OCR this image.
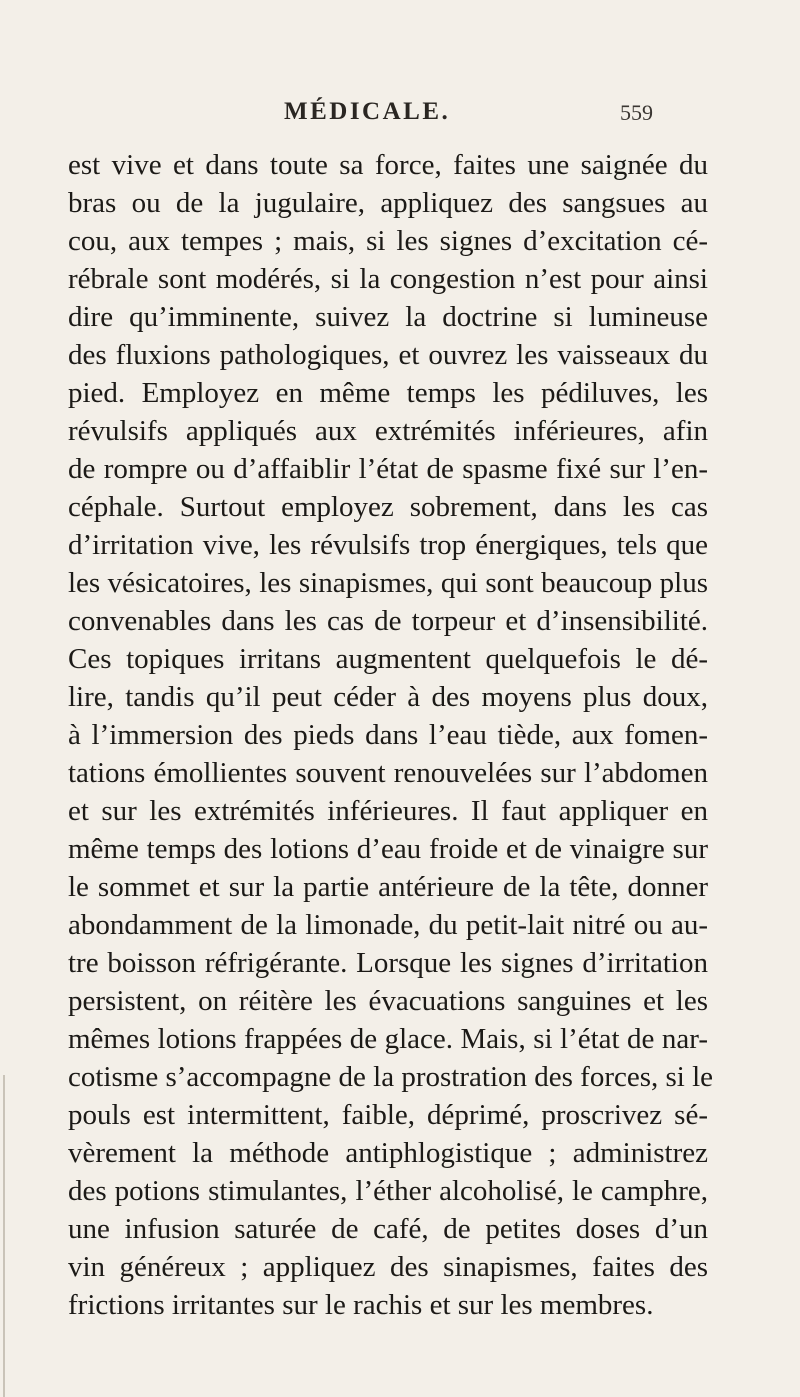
MÉDICALE.	559
est vive et dans toute sa force, faites une saignée du
bras ou de la jugulaire, appliquez des sangsues au
cou, aux tempes ; mais, si les signes d’excitation cé-
rébrale sont modérés, si la congestion n’est pour ainsi
dire qu’imminente, suivez la doctrine si lumineuse
des fluxions pathologiques, et ouvrez les vaisseaux du
pied. Employez en même temps les pédiluves, les
révulsifs appliqués aux extrémités inférieures, afin
de rompre ou d’affaiblir l’état de spasme fixé sur l’en-
céphale. Surtout employez sobrement, dans les cas
d’irritation vive, les révulsifs trop énergiques, tels que
les vésicatoires, les sinapismes, qui sont beaucoup plus
convenables dans les cas de torpeur et d’insensibilité.
Ces topiques irritans augmentent quelquefois le dé-
lire, tandis qu’il peut céder à des moyens plus doux,
à l’immersion des pieds dans l’eau tiède, aux fomen-
tations émollientes souvent renouvelées sur l’abdomen
et sur les extrémités inférieures. Il faut appliquer en
même temps des lotions d’eau froide et de vinaigre sur
le sommet et sur la partie antérieure de la tête, donner
abondamment de la limonade, du petit-lait nitré ou au-
tre boisson réfrigérante. Lorsque les signes d’irritation
persistent, on réitère les évacuations sanguines et les
mêmes lotions frappées de glace. Mais, si l’état de nar-
cotisme s’accompagne de la prostration des forces, si le
pouls est intermittent, faible, déprimé, proscrivez sé-
vèrement la méthode antiphlogistique ; administrez
des potions stimulantes, l’éther alcoholisé, le camphre,
une infusion saturée de café, de petites doses d’un
vin généreux ; appliquez des sinapismes, faites des
frictions irritantes sur le rachis et sur les membres.
